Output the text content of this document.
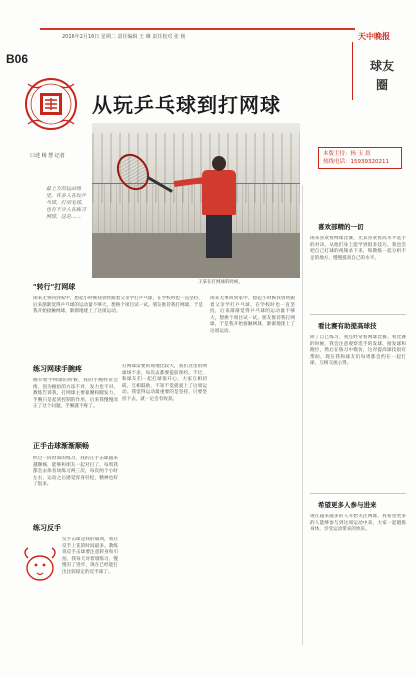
B06
2016年2月16日 星期二 责任编辑 王 琳 责任校对 张 杨	天中晚报
球友
圈
从玩乒乓球到打网球
本版主持：杨 玉 晨
热线电话：15939320211
王某在打网球的时候。
口述 杨 慧 记者
最上方的运动场里，许多人在玩乒乓球，打羽毛球，也有不少人在练习网球，这是……
"转行"打网球
闲来无事回到家中，想起小时候我曾经跟着父亲学打乒乓球，在学校时也一直坚持，后来渐渐觉得乒乓球的运动量不够大，想换个项目试一试。朋友推荐我打网球，于是我开始接触网球，渐渐地迷上了这项运动。
练习网球手腕疼
刚开始学网球的时候，我的手腕经常会疼，因为握拍的方法不对，发力也不对。教练告诉我，打网球主要靠腰和腿发力，手腕只是起到控制的作用，后来我慢慢改正了这个问题，手腕就不疼了。
正手击球渐渐顺畅
经过一段时间的练习，我的正手击球越来越顺畅，能够和朋友一起对打了。每周我都会去体育场练习两三次，每次两个小时左右，运动之后感觉浑身轻松，精神也好了很多。
练习反手
反手击球是我的弱项，我在反手上花的时间最多。教练说反手击球要注意转身和引拍，我每天对着墙练习，慢慢有了进步，现在已经能打出比较稳定的反手球了。
打网球需要的场地比较大，我们这里的网球场不多，每次去都要提前预约。不过，和球友们一起打球很开心，大家互相切磋，互相鼓励，不知不觉就爱上了这项运动。我觉得运动最重要的是坚持，只要坚持下去，就一定会有收获。
闲来无事回到家中，想起小时候我曾经跟着父亲学打乒乓球，在学校时也一直坚持，后来渐渐觉得乒乓球的运动量不够大，想换个项目试一试。朋友推荐我打网球，于是我开始接触网球，渐渐地迷上了这项运动。
喜欢部精的一切
闲来喜欢看网球比赛，尤其喜欢看高水平选手的对决，从他们身上能学到很多技巧。我也会把自己打球的视频录下来，和教练一起分析不足的地方，慢慢提高自己的水平。
看比赛有助提高球技
除了自己练习，我还经常看网球比赛。看比赛的时候，我会注意观察选手的发球、接发球和跑位，然后在练习中模仿，这对提高球技很有帮助。现在我和球友们每周都会约在一起打球，互相交流心得。
希望更多人参与进来
现在越来越多的人开始关注网球，我希望更多的人能够参与到这项运动中来，大家一起锻炼身体，享受运动带来的快乐。
